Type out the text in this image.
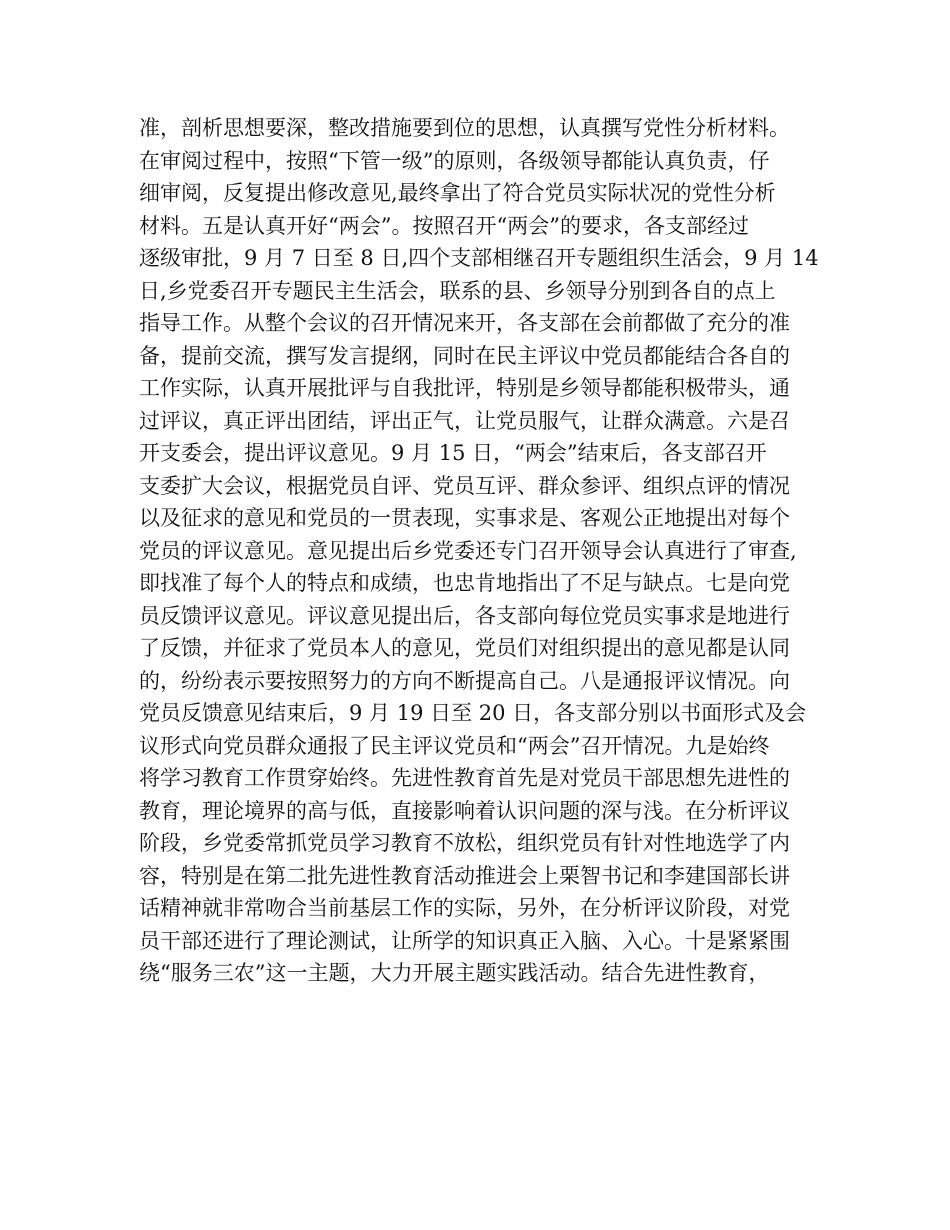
准，剖析思想要深，整改措施要到位的思想，认真撰写党性分析材料。
在审阅过程中，按照“下管一级”的原则，各级领导都能认真负责，仔
细审阅，反复提出修改意见,最终拿出了符合党员实际状况的党性分析
材料。五是认真开好“两会”。按照召开“两会”的要求，各支部经过
逐级审批，9 月 7 日至 8 日,四个支部相继召开专题组织生活会，9 月 14
日,乡党委召开专题民主生活会，联系的县、乡领导分别到各自的点上
指导工作。从整个会议的召开情况来开，各支部在会前都做了充分的准
备，提前交流，撰写发言提纲，同时在民主评议中党员都能结合各自的
工作实际，认真开展批评与自我批评，特别是乡领导都能积极带头，通
过评议，真正评出团结，评出正气，让党员服气，让群众满意。六是召
开支委会，提出评议意见。9 月 15 日，“两会”结束后，各支部召开
支委扩大会议，根据党员自评、党员互评、群众参评、组织点评的情况
以及征求的意见和党员的一贯表现，实事求是、客观公正地提出对每个
党员的评议意见。意见提出后乡党委还专门召开领导会认真进行了审查,
即找准了每个人的特点和成绩，也忠肯地指出了不足与缺点。七是向党
员反馈评议意见。评议意见提出后，各支部向每位党员实事求是地进行
了反馈，并征求了党员本人的意见，党员们对组织提出的意见都是认同
的，纷纷表示要按照努力的方向不断提高自己。八是通报评议情况。向
党员反馈意见结束后，9 月 19 日至 20 日，各支部分别以书面形式及会
议形式向党员群众通报了民主评议党员和“两会”召开情况。九是始终
将学习教育工作贯穿始终。先进性教育首先是对党员干部思想先进性的
教育，理论境界的高与低，直接影响着认识问题的深与浅。在分析评议
阶段，乡党委常抓党员学习教育不放松，组织党员有针对性地选学了内
容，特别是在第二批先进性教育活动推进会上栗智书记和李建国部长讲
话精神就非常吻合当前基层工作的实际，另外，在分析评议阶段，对党
员干部还进行了理论测试，让所学的知识真正入脑、入心。十是紧紧围
绕“服务三农”这一主题，大力开展主题实践活动。结合先进性教育，
